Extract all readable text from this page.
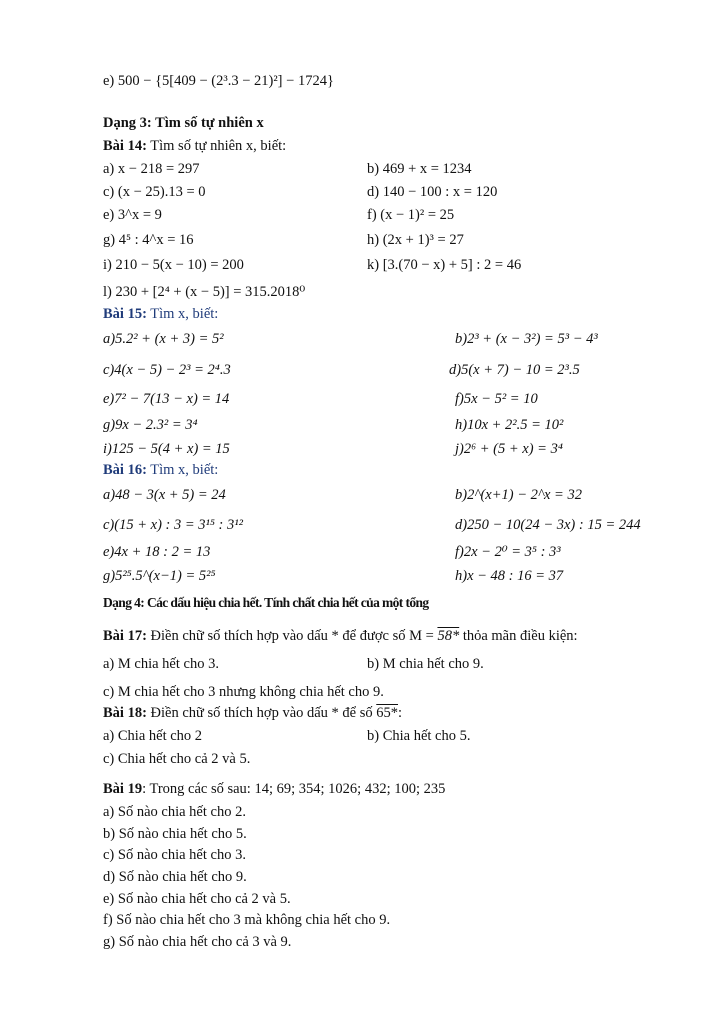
e) 500 − {5[409 − (2³.3 − 21)²] − 1724}
Dạng 3: Tìm số tự nhiên x
Bài 14: Tìm số tự nhiên x, biết:
a) x − 218 = 297	b) 469 + x = 1234
c) (x − 25).13 = 0	d) 140 − 100 : x = 120
e) 3^x = 9	f) (x − 1)² = 25
g) 4⁵ : 4^x = 16	h) (2x + 1)³ = 27
i) 210 − 5(x − 10) = 200	k) [3.(70 − x) + 5] : 2 = 46
l) 230 + [2⁴ + (x − 5)] = 315.2018⁰
Bài 15: Tìm x, biết:
a)5.2² + (x + 3) = 5²	b)2³ + (x − 3²) = 5³ − 4³
c)4(x − 5) − 2³ = 2⁴.3	d)5(x + 7) − 10 = 2³.5
e)7² − 7(13 − x) = 14	f)5x − 5² = 10
g)9x − 2.3² = 3⁴	h)10x + 2².5 = 10²
i)125 − 5(4 + x) = 15	j)2⁶ + (5 + x) = 3⁴
Bài 16: Tìm x, biết:
a)48 − 3(x + 5) = 24	b)2^(x+1) − 2^x = 32
c)(15 + x) : 3 = 3¹⁵ : 3¹²	d)250 − 10(24 − 3x) : 15 = 244
e)4x + 18 : 2 = 13	f)2x − 2⁰ = 3⁵ : 3³
g)5²⁵.5^(x−1) = 5²⁵	h)x − 48 : 16 = 37
Dạng 4: Các dấu hiệu chia hết. Tính chất chia hết của một tổng
Bài 17: Điền chữ số thích hợp vào dấu * để được số M = 58* thỏa mãn điều kiện:
a) M chia hết cho 3.	b) M chia hết cho 9.
c) M chia hết cho 3 nhưng không chia hết cho 9.
Bài 18: Điền chữ số thích hợp vào dấu * để số 65*:
a) Chia hết cho 2	b) Chia hết cho 5.
c) Chia hết cho cả 2 và 5.
Bài 19: Trong các số sau: 14; 69; 354; 1026; 432; 100; 235
a) Số nào chia hết cho 2.
b) Số nào chia hết cho 5.
c) Số nào chia hết cho 3.
d) Số nào chia hết cho 9.
e) Số nào chia hết cho cả 2 và 5.
f) Số nào chia hết cho 3 mà không chia hết cho 9.
g) Số nào chia hết cho cả 3 và 9.
